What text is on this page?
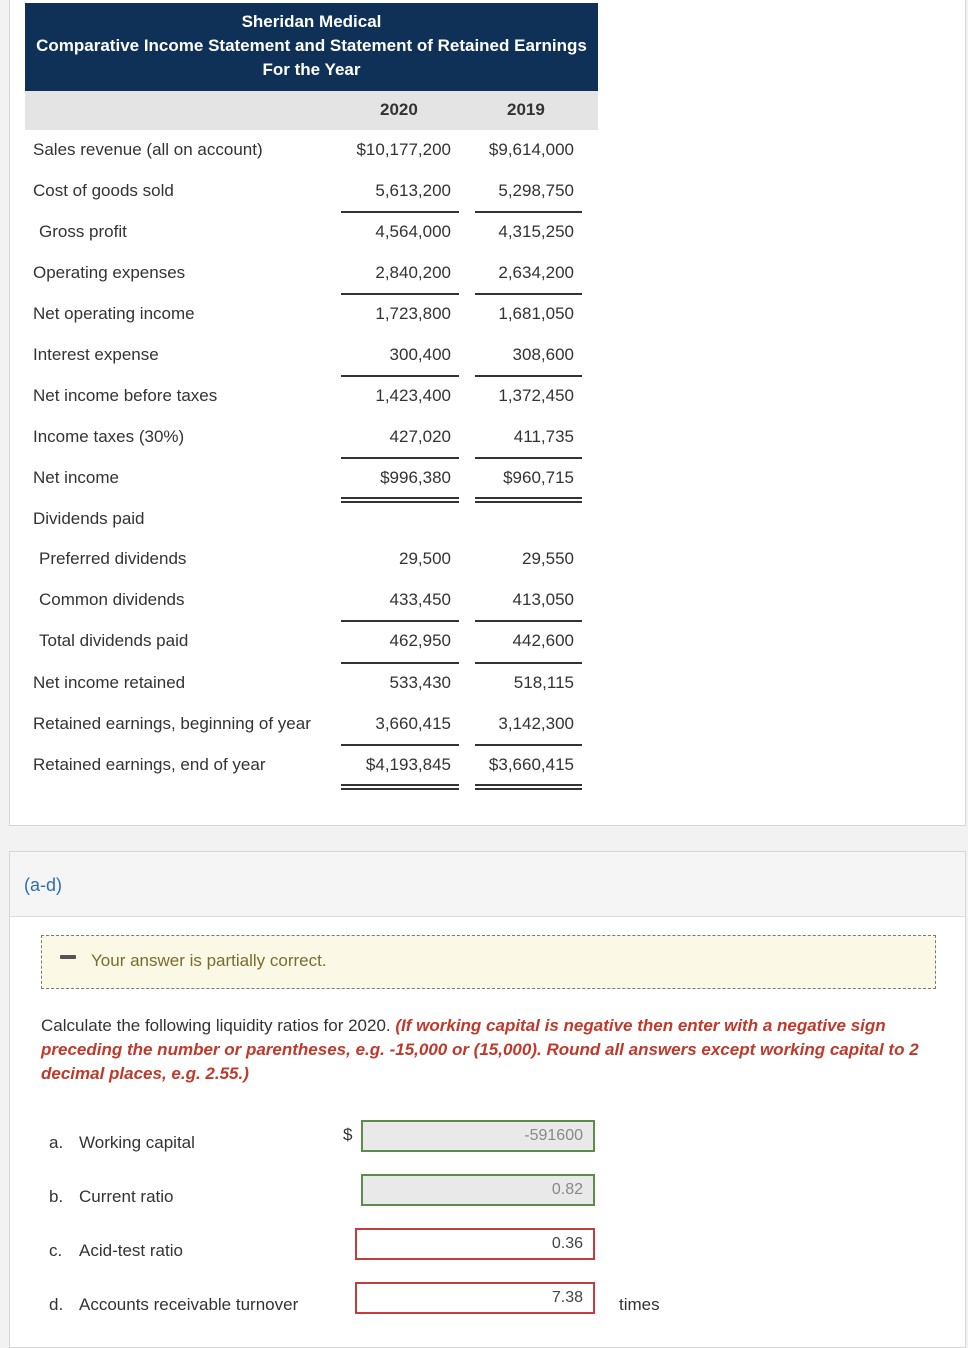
Sheridan Medical
Comparative Income Statement and Statement of Retained Earnings
For the Year
2020	2019
Sales revenue (all on account)	$10,177,200	$9,614,000
Cost of goods sold	5,613,200	5,298,750
Gross profit	4,564,000	4,315,250
Operating expenses	2,840,200	2,634,200
Net operating income	1,723,800	1,681,050
Interest expense	300,400	308,600
Net income before taxes	1,423,400	1,372,450
Income taxes (30%)	427,020	411,735
Net income	$996,380	$960,715
Dividends paid
Preferred dividends	29,500	29,550
Common dividends	433,450	413,050
Total dividends paid	462,950	442,600
Net income retained	533,430	518,115
Retained earnings, beginning of year	3,660,415	3,142,300
Retained earnings, end of year	$4,193,845	$3,660,415
(a-d)
Your answer is partially correct.
Calculate the following liquidity ratios for 2020. (If working capital is negative then enter with a negative sign preceding the number or parentheses, e.g. -15,000 or (15,000). Round all answers except working capital to 2 decimal places, e.g. 2.55.)
a. Working capital	$	-591600
b. Current ratio	0.82
c. Acid-test ratio	0.36
d. Accounts receivable turnover	7.38	times
